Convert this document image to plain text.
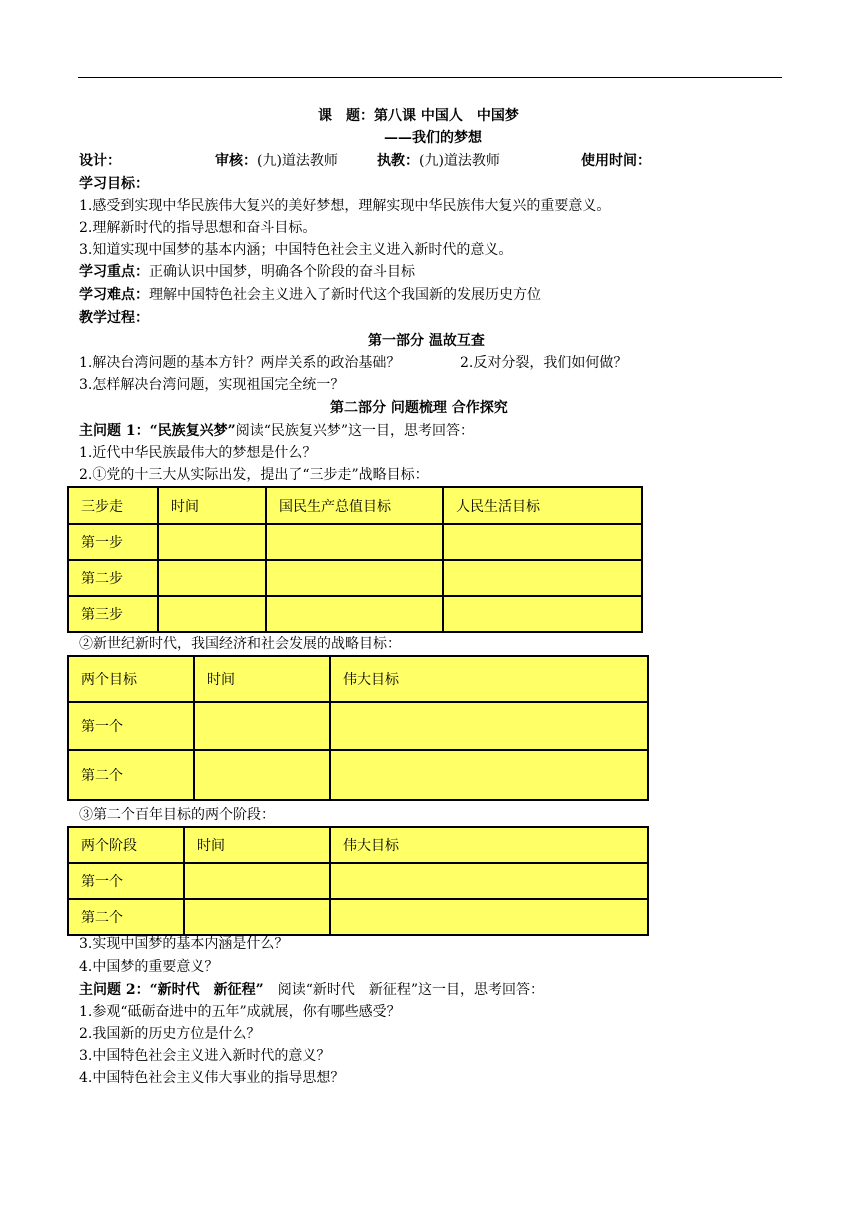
课　题：第八课 中国人　中国梦
——我们的梦想
设计：	审核：(九)道法教师	执教：(九)道法教师	使用时间：
学习目标：
1.感受到实现中华民族伟大复兴的美好梦想，理解实现中华民族伟大复兴的重要意义。
2.理解新时代的指导思想和奋斗目标。
3.知道实现中国梦的基本内涵；中国特色社会主义进入新时代的意义。
学习重点：正确认识中国梦，明确各个阶段的奋斗目标
学习难点：理解中国特色社会主义进入了新时代这个我国新的发展历史方位
教学过程：
第一部分 温故互查
1.解决台湾问题的基本方针？两岸关系的政治基础？	2.反对分裂，我们如何做？
3.怎样解决台湾问题，实现祖国完全统一？
第二部分 问题梳理 合作探究
主问题 1：“民族复兴梦”阅读“民族复兴梦”这一目，思考回答：
1.近代中华民族最伟大的梦想是什么？
2.①党的十三大从实际出发，提出了“三步走”战略目标：
三步走	时间	国民生产总值目标	人民生活目标
第一步			
第二步			
第三步			
②新世纪新时代，我国经济和社会发展的战略目标：
两个目标	时间	伟大目标
第一个		
第二个		
③第二个百年目标的两个阶段：
两个阶段	时间	伟大目标
第一个		
第二个		
3.实现中国梦的基本内涵是什么？
4.中国梦的重要意义？
主问题 2：“新时代　新征程” 阅读“新时代　新征程”这一目，思考回答：
1.参观“砥砺奋进中的五年”成就展，你有哪些感受？
2.我国新的历史方位是什么？
3.中国特色社会主义进入新时代的意义？
4.中国特色社会主义伟大事业的指导思想？
